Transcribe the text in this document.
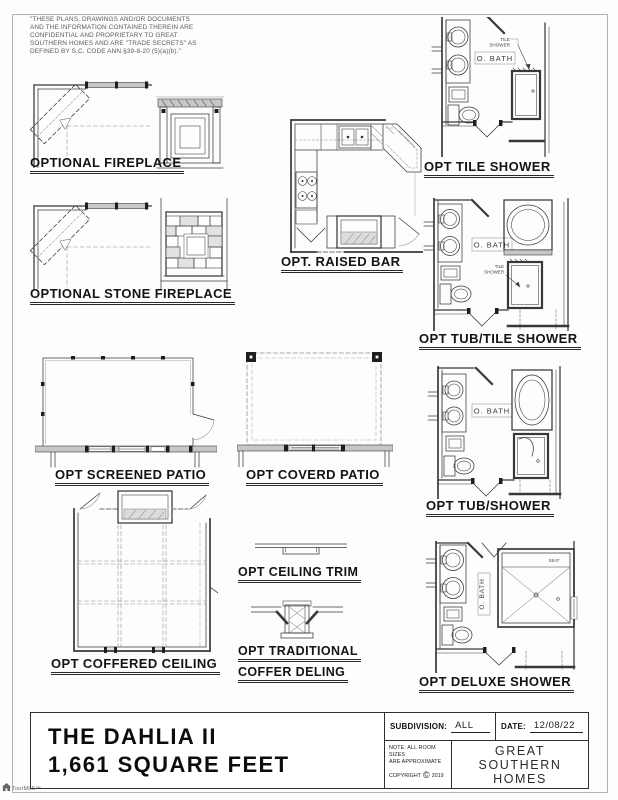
"THESE PLANS, DRAWINGS AND/OR DOCUMENTS
AND THE INFORMATION CONTAINED THEREIN ARE
CONFIDENTIAL AND PROPRIETARY TO GREAT
SOUTHERN HOMES AND ARE "TRADE SECRETS" AS
DEFINED BY S.C. CODE ANN.§39-8-20 (5)(a)(b)."
OPTIONAL FIREPLACE
OPTIONAL STONE FIREPLACE
OPT. RAISED BAR
O. BATH
TILE
SHOWER
OPT TILE SHOWER
O. BATH
TILE
SHOWER
OPT TUB/TILE SHOWER
O. BATH
OPT TUB/SHOWER
O. BATH
SEAT
OPT DELUXE SHOWER
OPT SCREENED PATIO	OPT COVERD PATIO
OPT COFFERED CEILING
OPT CEILING TRIM
OPT TRADITIONAL
COFFER DELING
THE DAHLIA II
1,661 SQUARE FEET
SUBDIVISION: ALL	DATE: 12/08/22
NOTE: ALL ROOM SIZES
ARE APPROXIMATE
COPYRIGHT © 2019
GREAT
SOUTHERN
HOMES
TourMLS™
